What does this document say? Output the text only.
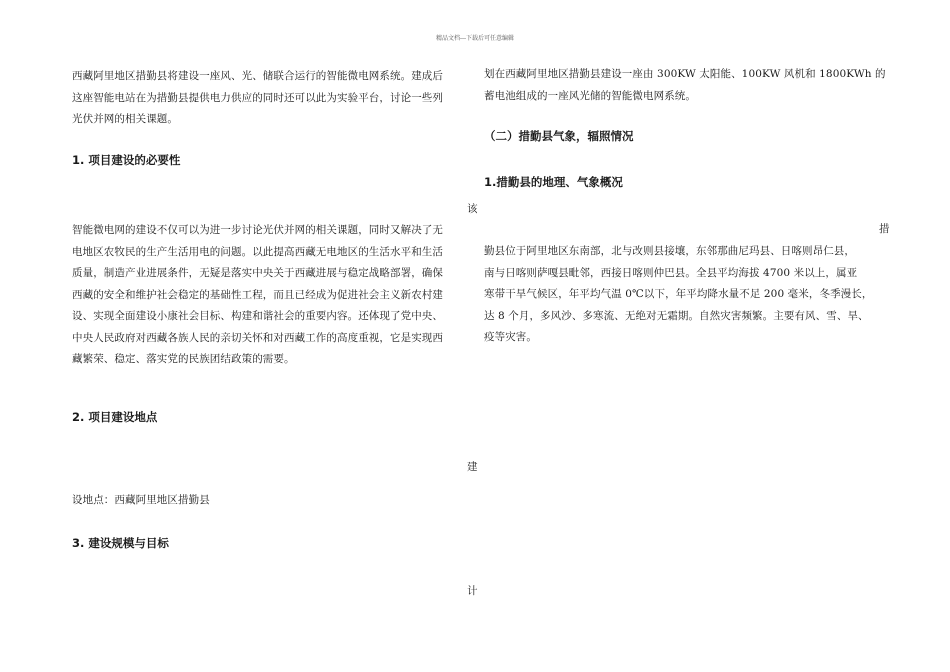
精品文档---下载后可任意编辑
西藏阿里地区措勤县将建设一座风、光、储联合运行的智能微电网系统。建成后
这座智能电站在为措勤县提供电力供应的同时还可以此为实验平台，讨论一些列
光伏并网的相关课题。
1. 项目建设的必要性
该
智能微电网的建设不仅可以为进一步讨论光伏并网的相关课题，同时又解决了无
电地区农牧民的生产生活用电的问题。以此提高西藏无电地区的生活水平和生活
质量，制造产业进展条件，无疑是落实中央关于西藏进展与稳定战略部署，确保
西藏的安全和维护社会稳定的基础性工程，而且已经成为促进社会主义新农村建
设、实现全面建设小康社会目标、构建和谐社会的重要内容。还体现了党中央、
中央人民政府对西藏各族人民的亲切关怀和对西藏工作的高度重视，它是实现西
藏繁荣、稳定、落实党的民族团结政策的需要。
2. 项目建设地点
建
设地点：西藏阿里地区措勤县
3. 建设规模与目标
计
划在西藏阿里地区措勤县建设一座由 300KW 太阳能、100KW 风机和 1800KWh 的
蓄电池组成的一座风光储的智能微电网系统。
（二）措勤县气象，辐照情况
1.措勤县的地理、气象概况
措
勤县位于阿里地区东南部，北与改则县接壤，东邻那曲尼玛县、日喀则昂仁县，
南与日喀则萨嘎县毗邻，西接日喀则仲巴县。全县平均海拔 4700 米以上，属亚
寒带干旱气候区，年平均气温 0℃以下，年平均降水量不足 200 毫米，冬季漫长，
达 8 个月，多风沙、多寒流、无绝对无霜期。自然灾害频繁。主要有风、雪、旱、
疫等灾害。
